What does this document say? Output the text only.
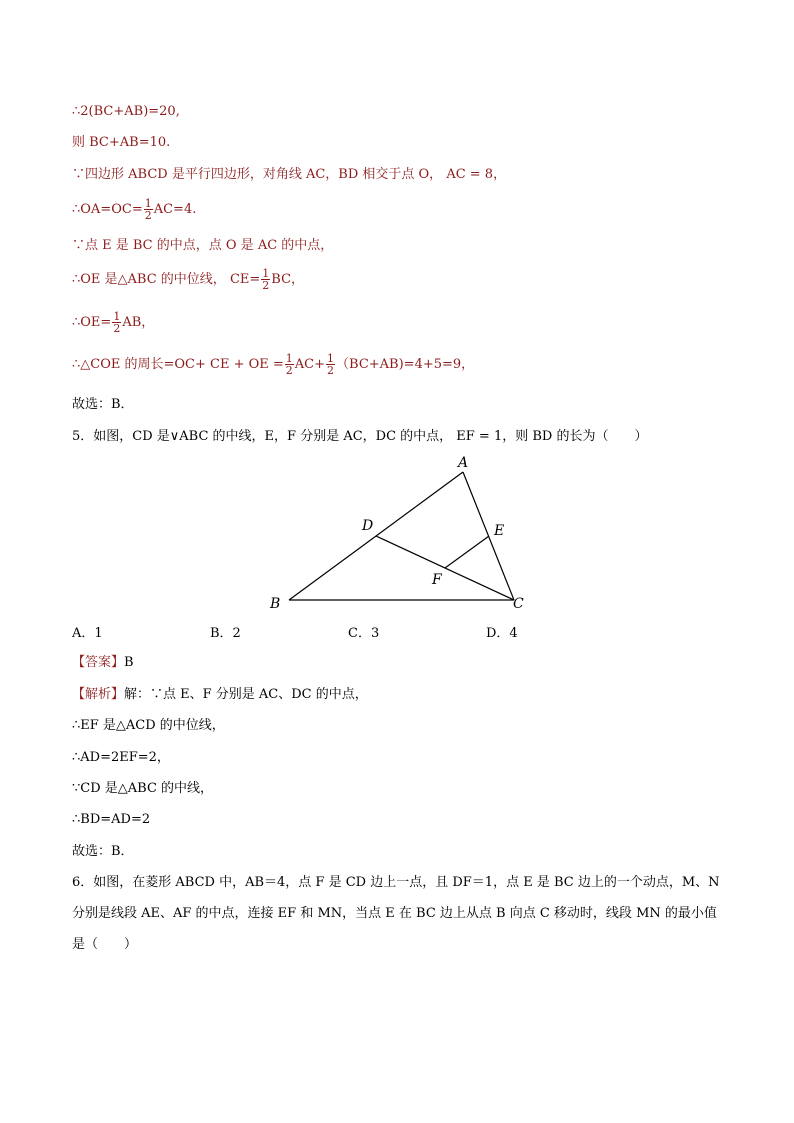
∴2(BC+AB)=20,
则 BC+AB=10.
∵四边形 ABCD 是平行四边形，对角线 AC，BD 相交于点 O， AC = 8，
∴OA=OC= $\frac{1}{2} AC=4$.
∵点 E 是 BC 的中点，点 O 是 AC 的中点，
∴OE 是△ABC 的中位线， $CE= \frac{1}{2}$ BC，
∴OE= $\frac{1}{2}$ AB，
∴△COE 的周长=OC+ CE + OE = $\frac{1}{2} AC+ \frac{1}{2} (BC+AB)=4+5=9$，
故选：B．
5．如图，CD 是∨ABC 的中线，E，F 分别是 AC，DC 的中点， EF = 1，则 BD 的长为（　　）
A
B	C
D	E
F
A．1	B．2	C．3	D．4
【答案】B
【解析】解：∵点 E、F 分别是 AC、DC 的中点，
∴EF 是△ACD 的中位线，
∴AD=2EF=2，
∵CD 是△ABC 的中线，
∴BD=AD=2
故选：B．
6．如图，在菱形 ABCD 中，AB＝4，点 F 是 CD 边上一点，且 DF＝1，点 E 是 BC 边上的一个动点，M、N
分别是线段 AE、AF 的中点，连接 EF 和 MN，当点 E 在 BC 边上从点 B 向点 C 移动时，线段 MN 的最小值
是（　　）
